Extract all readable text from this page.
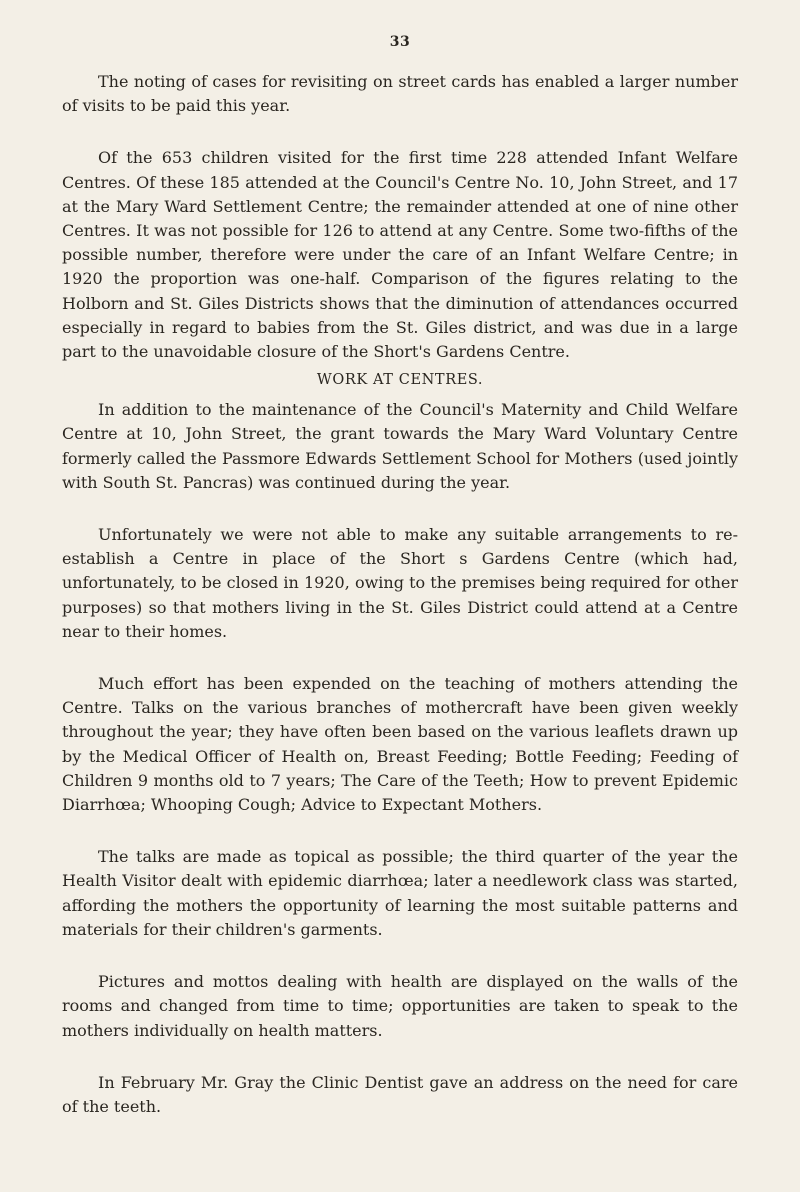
33

The noting of cases for revisiting on street cards has enabled a larger number of visits to be paid this year.

Of the 653 children visited for the first time 228 attended Infant Welfare Centres. Of these 185 attended at the Council's Centre No. 10, John Street, and 17 at the Mary Ward Settlement Centre; the remainder attended at one of nine other Centres. It was not possible for 126 to attend at any Centre. Some two-fifths of the possible number, therefore were under the care of an Infant Welfare Centre; in 1920 the proportion was one-half. Comparison of the figures relating to the Holborn and St. Giles Districts shows that the diminution of attendances occurred especially in regard to babies from the St. Giles district, and was due in a large part to the unavoidable closure of the Short's Gardens Centre.

WORK AT CENTRES.

In addition to the maintenance of the Council's Maternity and Child Welfare Centre at 10, John Street, the grant towards the Mary Ward Voluntary Centre formerly called the Passmore Edwards Settlement School for Mothers (used jointly with South St. Pancras) was continued during the year.

Unfortunately we were not able to make any suitable arrangements to re-establish a Centre in place of the Short s Gardens Centre (which had, unfortunately, to be closed in 1920, owing to the premises being required for other purposes) so that mothers living in the St. Giles District could attend at a Centre near to their homes.

Much effort has been expended on the teaching of mothers attending the Centre. Talks on the various branches of mothercraft have been given weekly throughout the year; they have often been based on the various leaflets drawn up by the Medical Officer of Health on, Breast Feeding; Bottle Feeding; Feeding of Children 9 months old to 7 years; The Care of the Teeth; How to prevent Epidemic Diarrhœa; Whooping Cough; Advice to Expectant Mothers.

The talks are made as topical as possible; the third quarter of the year the Health Visitor dealt with epidemic diarrhœa; later a needlework class was started, affording the mothers the opportunity of learning the most suitable patterns and materials for their children's garments.

Pictures and mottos dealing with health are displayed on the walls of the rooms and changed from time to time; opportunities are taken to speak to the mothers individually on health matters.

In February Mr. Gray the Clinic Dentist gave an address on the need for care of the teeth.
